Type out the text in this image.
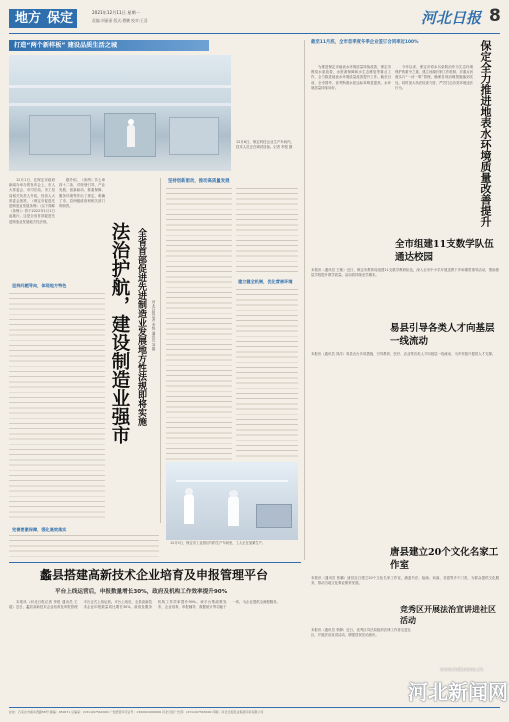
地方 保定	2021年12月11日 星期一
责编:刘丽丽 版式:穆鹏 校对:王喜	河北日报 8
打造“两个新样板” 建设品质生活之城
12月6日，保定科技企业生产车间内，技术人员正在调试设备。记者 李悦 摄

12月1日，在保定市政府新闻办举办的发布会上，市人大常委会、市司法局、市工信局相关负责人介绍，经省人大常委会批准，《保定市促进先进制造业发展条例》（以下简称《条例》）将于2022年1月1日起施行。这是全省首部促进先进制造业发展地方性法规。

据介绍，《条例》共七章四十二条，对规划引导、产业发展、创新驱动、要素保障、服务环境等作出了规定，明确了市、县两级政府和相关部门的职责。

坚持问题导向，体现地方特色 法治护航，建设制造业强市 全省首部促进先进制造业发展地方性法规即将实施 河北日报记者 李悦 通讯员 刘鑫
坚持创新驱动，推动高质量发展
建立健全机制，优化营商环境
12月3日，保定市工业园区内的生产车间里，工人正在加紧生产。
完善要素保障，强化高效落实
截至11月底，全市首季度冬季企业签订合同率近100%	保定全力推进地表水环境质量改善提升

为推进保定市地表水环境质量持续改善，保定市围绕水质改善、水资源保障和水生态修复等重点工作，全力推进地表水环境质量改善提升工作。截至目前，全市国考、省考断面水质达标率明显提高，水环境质量持续向好。

今年以来，保定市将水污染防治作为生态环境保护的重中之重，建立河湖长制工作机制，对重点河流实行“一河一策”管理，确保各项治理措施落到实处。同时加大执法检查力度，严厉打击各类环境违法行为。

全市组建11支数学队伍通达校园
本报讯（通讯员 王敏）近日，保定市教育局组建11支数学教研队伍，深入全市中小学开展送教下乡和课堂指导活动，帮助基层学校提升教学质量。活动将持续至学期末。
易县引导各类人才向基层一线流动
本报讯（通讯员 刘洋）易县出台多项措施，引导教育、医疗、农业等各类人才向基层一线流动，为乡村振兴提供人才支撑。
唐县建立20个文化名家工作室
本报讯（通讯员 张鹏）唐县近日建立20个文化名家工作室，涵盖书法、绘画、戏曲、非遗等多个门类，为群众提供文化服务，推动当地文化事业繁荣发展。
竞秀区开展法治宣讲进社区活动
本报讯（通讯员 李静）近日，竞秀区司法局组织法律工作者走进社区，开展法治宣讲活动，增强居民法治意识。
蠡县搭建高新技术企业培育及申报管理平台
平台上线运营后，申报数量增长30%，政府及机构工作效率提升90%

本报讯（河北日报记者 李悦 通讯员 王超）近日，蠡县高新技术企业培育及申报管理平台正式上线运营。平台上线后，全县高新技术企业申报数量同比增长30%，政府及服务机构工作效率提升90%。该平台集政策发布、企业培育、申报辅导、数据统计等功能于一体，为企业提供全流程服务。

河北新闻网
www.hebnews.cn
社址：石家庄市裕华西路58号 邮编：050071 总编室：(0311)67562000 广告经营许可证号：1300004000006 河北日报广告部：(0311)67563000 印刷：河北日报报业集团印务有限公司
